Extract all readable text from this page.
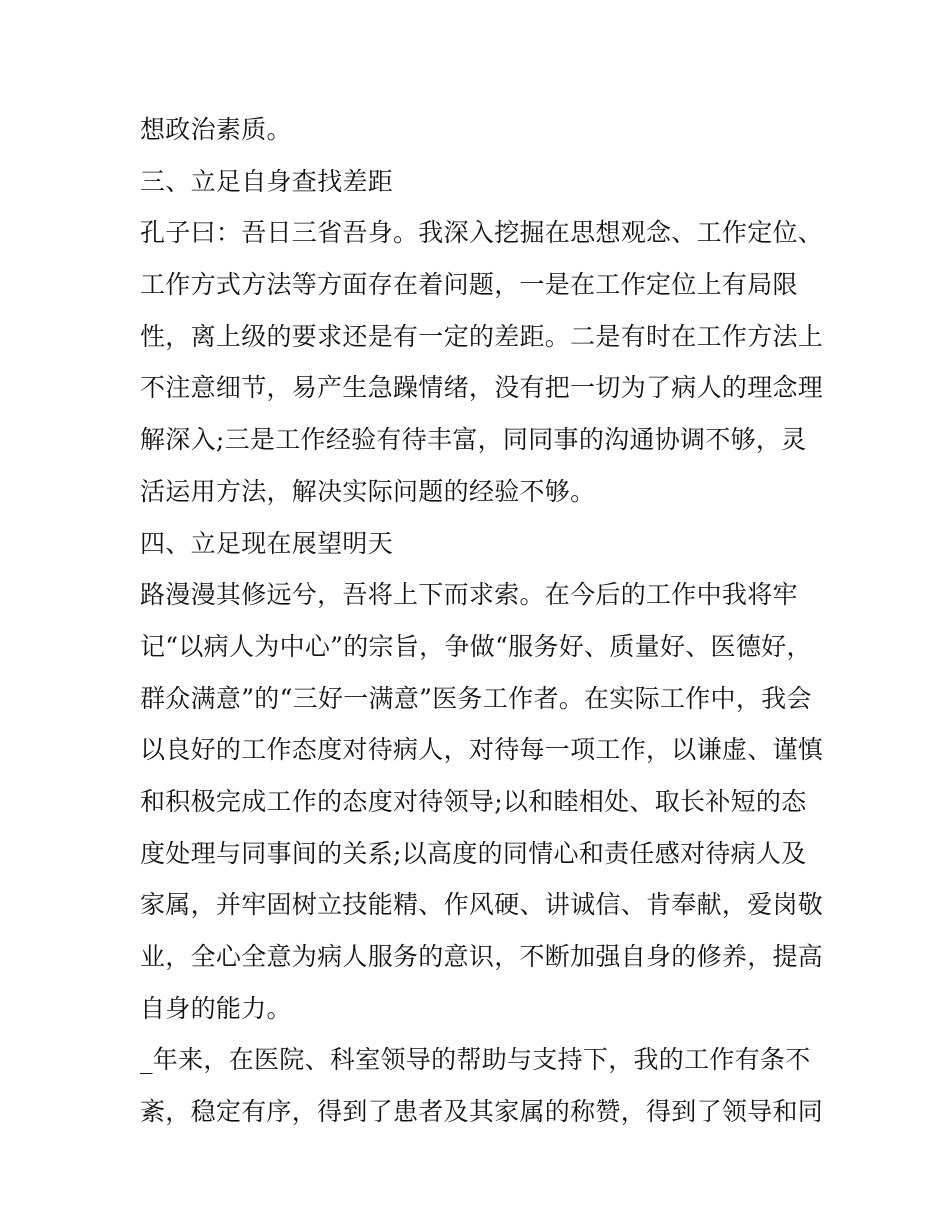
想政治素质。
三、立足自身查找差距
孔子曰：吾日三省吾身。我深入挖掘在思想观念、工作定位、
工作方式方法等方面存在着问题，一是在工作定位上有局限
性，离上级的要求还是有一定的差距。二是有时在工作方法上
不注意细节，易产生急躁情绪，没有把一切为了病人的理念理
解深入;三是工作经验有待丰富，同同事的沟通协调不够，灵
活运用方法，解决实际问题的经验不够。
四、立足现在展望明天
路漫漫其修远兮，吾将上下而求索。在今后的工作中我将牢
记“以病人为中心”的宗旨，争做“服务好、质量好、医德好，
群众满意”的“三好一满意”医务工作者。在实际工作中，我会
以良好的工作态度对待病人，对待每一项工作，以谦虚、谨慎
和积极完成工作的态度对待领导;以和睦相处、取长补短的态
度处理与同事间的关系;以高度的同情心和责任感对待病人及
家属，并牢固树立技能精、作风硬、讲诚信、肯奉献，爱岗敬
业，全心全意为病人服务的意识，不断加强自身的修养，提高
自身的能力。
_年来，在医院、科室领导的帮助与支持下，我的工作有条不
紊，稳定有序，得到了患者及其家属的称赞，得到了领导和同
